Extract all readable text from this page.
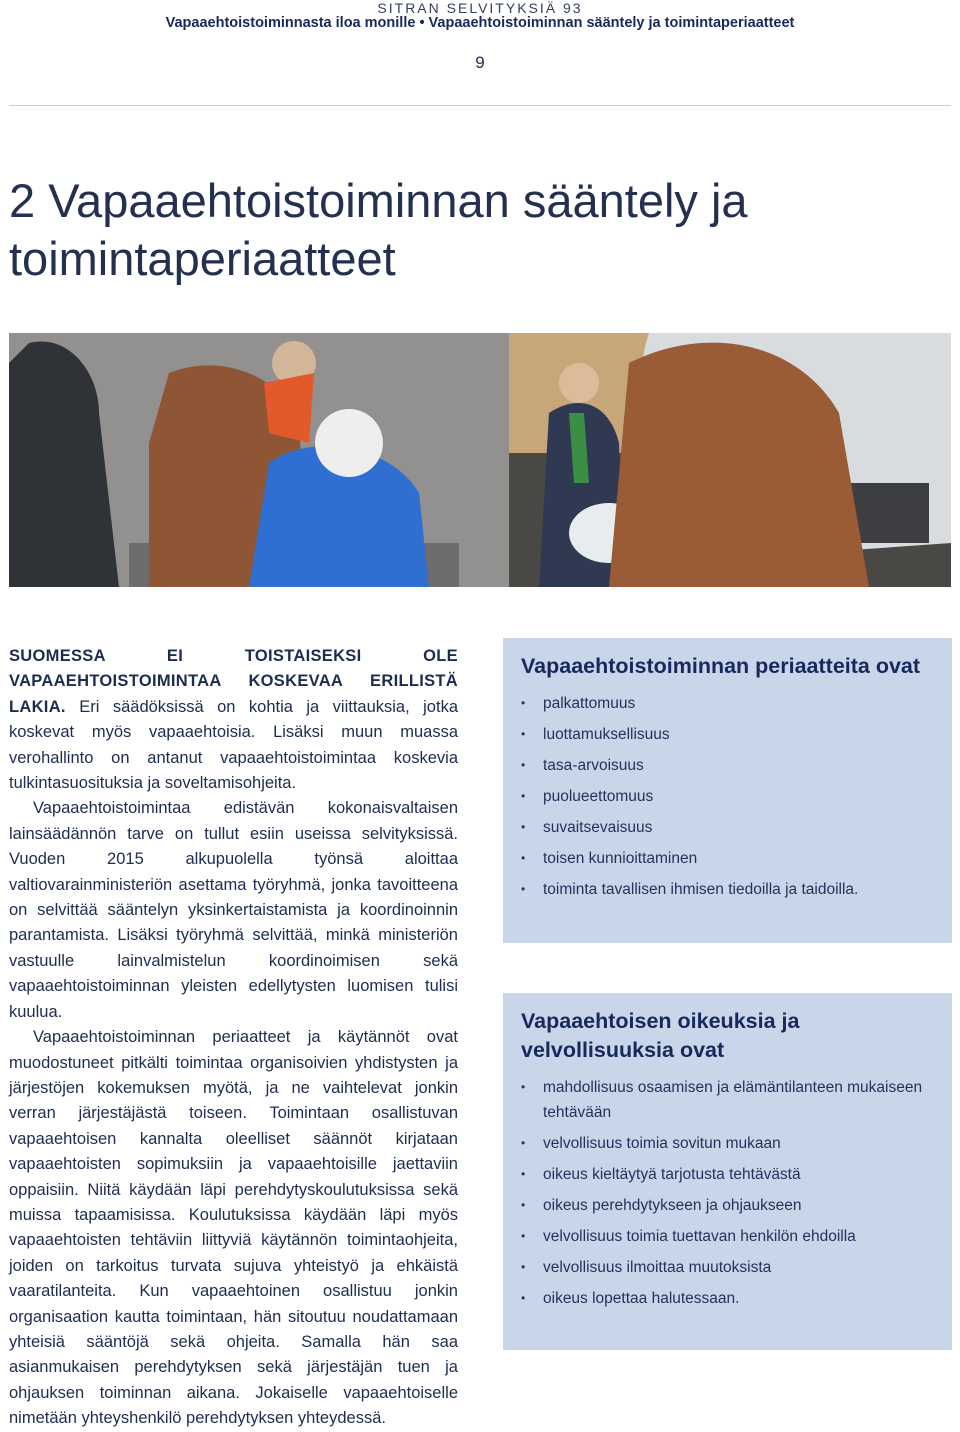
SITRAN SELVITYKSIÄ 93
Vapaaehtoistoiminnasta iloa monille • Vapaaehtoistoiminnan sääntely ja toimintaperiaatteet
9
2 Vapaaehtoistoiminnan sääntely ja
toimintaperiaatteet

SUOMESSA EI TOISTAISEKSI OLE VAPAAEHTOISTOIMINTAA KOSKEVAA ERILLISTÄ LAKIA. Eri säädöksissä on kohtia ja viittauksia, jotka koskevat myös vapaaehtoisia. Lisäksi muun muassa verohallinto on antanut vapaaehtoistoimintaa koskevia tulkintasuosituksia ja soveltamisohjeita.

Vapaaehtoistoimintaa edistävän kokonaisvaltaisen lainsäädännön tarve on tullut esiin useissa selvityksissä. Vuoden 2015 alkupuolella työnsä aloittaa valtiovarainministeriön asettama työryhmä, jonka tavoitteena on selvittää sääntelyn yksinkertaistamista ja koordinoinnin parantamista. Lisäksi työryhmä selvittää, minkä ministeriön vastuulle lainvalmistelun koordinoimisen sekä vapaaehtoistoiminnan yleisten edellytysten luomisen tulisi kuulua.

Vapaaehtoistoiminnan periaatteet ja käytännöt ovat muodostuneet pitkälti toimintaa organisoivien yhdistysten ja järjestöjen kokemuksen myötä, ja ne vaihtelevat jonkin verran järjestäjästä toiseen. Toimintaan osallistuvan vapaaehtoisen kannalta oleelliset säännöt kirjataan vapaaehtoisten sopimuksiin ja vapaaehtoisille jaettaviin oppaisiin. Niitä käydään läpi perehdytyskoulutuksissa sekä muissa tapaamisissa. Koulutuksissa käydään läpi myös vapaaehtoisten tehtäviin liittyviä käytännön toimintaohjeita, joiden on tarkoitus turvata sujuva yhteistyö ja ehkäistä vaaratilanteita. Kun vapaaehtoinen osallistuu jonkin organisaation kautta toimintaan, hän sitoutuu noudattamaan yhteisiä sääntöjä sekä ohjeita. Samalla hän saa asianmukaisen perehdytyksen sekä järjestäjän tuen ja ohjauksen toiminnan aikana. Jokaiselle vapaaehtoiselle nimetään yhteyshenkilö perehdytyksen yhteydessä.

Vapaaehtoistoiminnan periaatteita ovat
• palkattomuus
• luottamuksellisuus
• tasa-arvoisuus
• puolueettomuus
• suvaitsevaisuus
• toisen kunnioittaminen
• toiminta tavallisen ihmisen tiedoilla ja taidoilla.
Vapaaehtoisen oikeuksia ja velvollisuuksia ovat
• mahdollisuus osaamisen ja elämäntilanteen mukaiseen tehtävään
• velvollisuus toimia sovitun mukaan
• oikeus kieltäytyä tarjotusta tehtävästä
• oikeus perehdytykseen ja ohjaukseen
• velvollisuus toimia tuettavan henkilön ehdoilla
• velvollisuus ilmoittaa muutoksista
• oikeus lopettaa halutessaan.
